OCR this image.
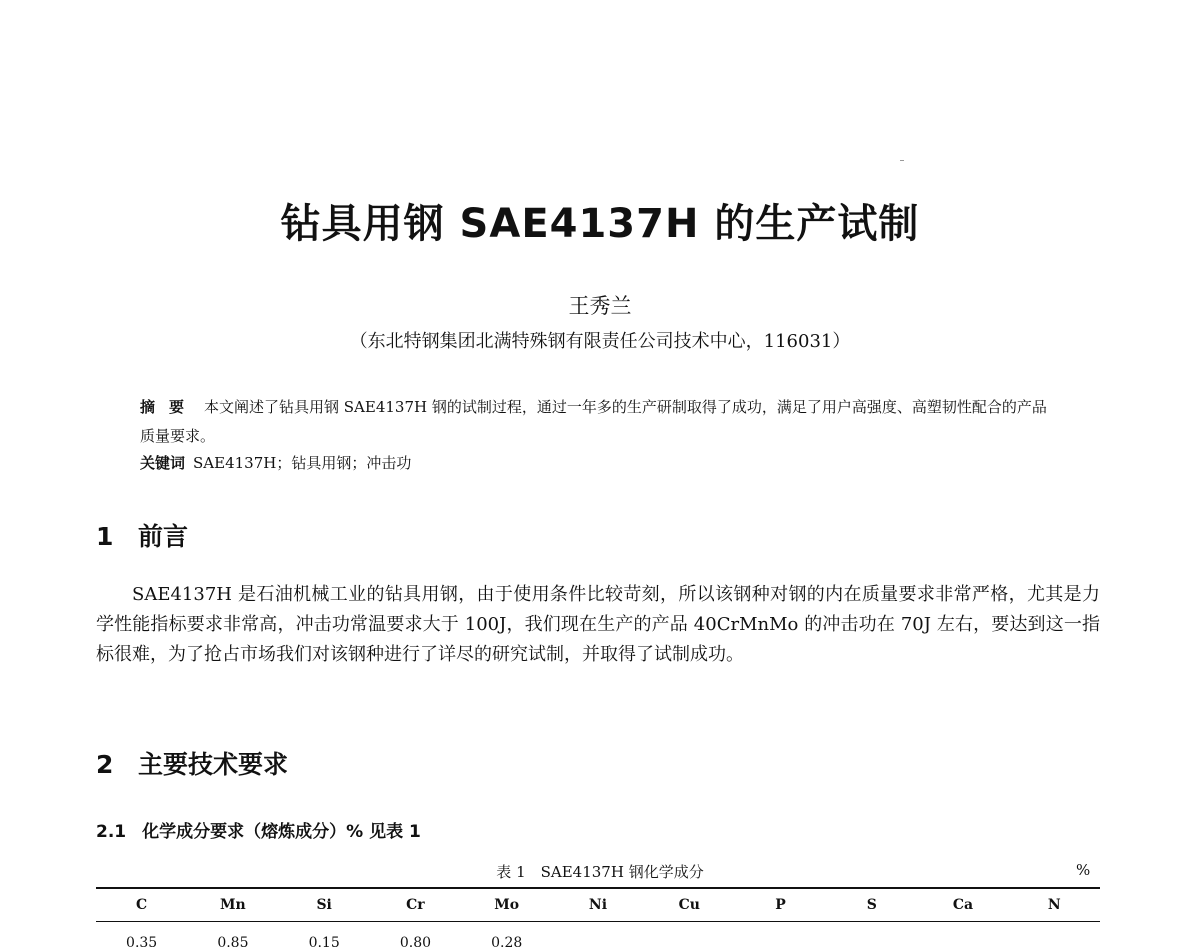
钻具用钢 SAE4137H 的生产试制
王秀兰
（东北特钢集团北满特殊钢有限责任公司技术中心，116031）
摘要 本文阐述了钻具用钢 SAE4137H 钢的试制过程，通过一年多的生产研制取得了成功，满足了用户高强度、高塑韧性配合的产品质量要求。
关键词 SAE4137H；钻具用钢；冲击功
1 前言
SAE4137H 是石油机械工业的钻具用钢，由于使用条件比较苛刻，所以该钢种对钢的内在质量要求非常严格，尤其是力学性能指标要求非常高，冲击功常温要求大于 100J，我们现在生产的产品 40CrMnMo 的冲击功在 70J 左右，要达到这一指标很难，为了抢占市场我们对该钢种进行了详尽的研究试制，并取得了试制成功。
2 主要技术要求
2.1 化学成分要求（熔炼成分）% 见表 1
表 1　SAE4137H 钢化学成分	%
C	Mn	Si	Cr	Mo	Ni	Cu	P	S	Ca	N
0.35	0.85	0.15	0.80	0.28
